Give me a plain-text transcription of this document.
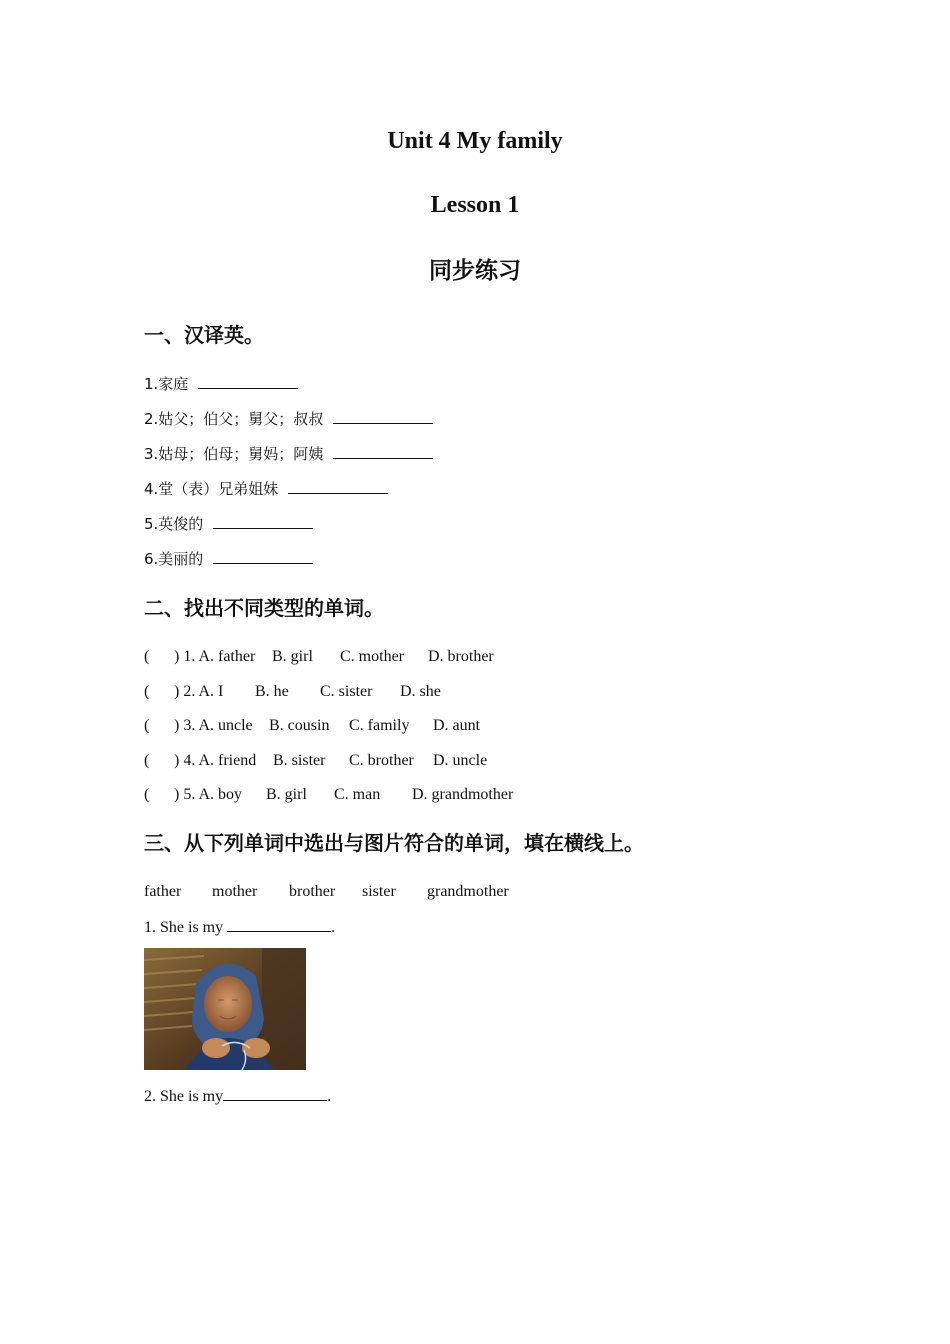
Unit 4 My family
Lesson 1
同步练习
一、汉译英。
1.家庭
2.姑父；伯父；舅父；叔叔
3.姑母；伯母；舅妈；阿姨
4.堂（表）兄弟姐妹
5.英俊的
6.美丽的
二、找出不同类型的单词。
( ) 1. A. father B. girl C. mother D. brother
( ) 2. A. I B. he C. sister D. she
( ) 3. A. uncle B. cousin C. family D. aunt
( ) 4. A. friend B. sister C. brother D. uncle
( ) 5. A. boy B. girl C. man D. grandmother
三、从下列单词中选出与图片符合的单词，填在横线上。
father mother brother sister grandmother
1. She is my	.
2. She is my	.
